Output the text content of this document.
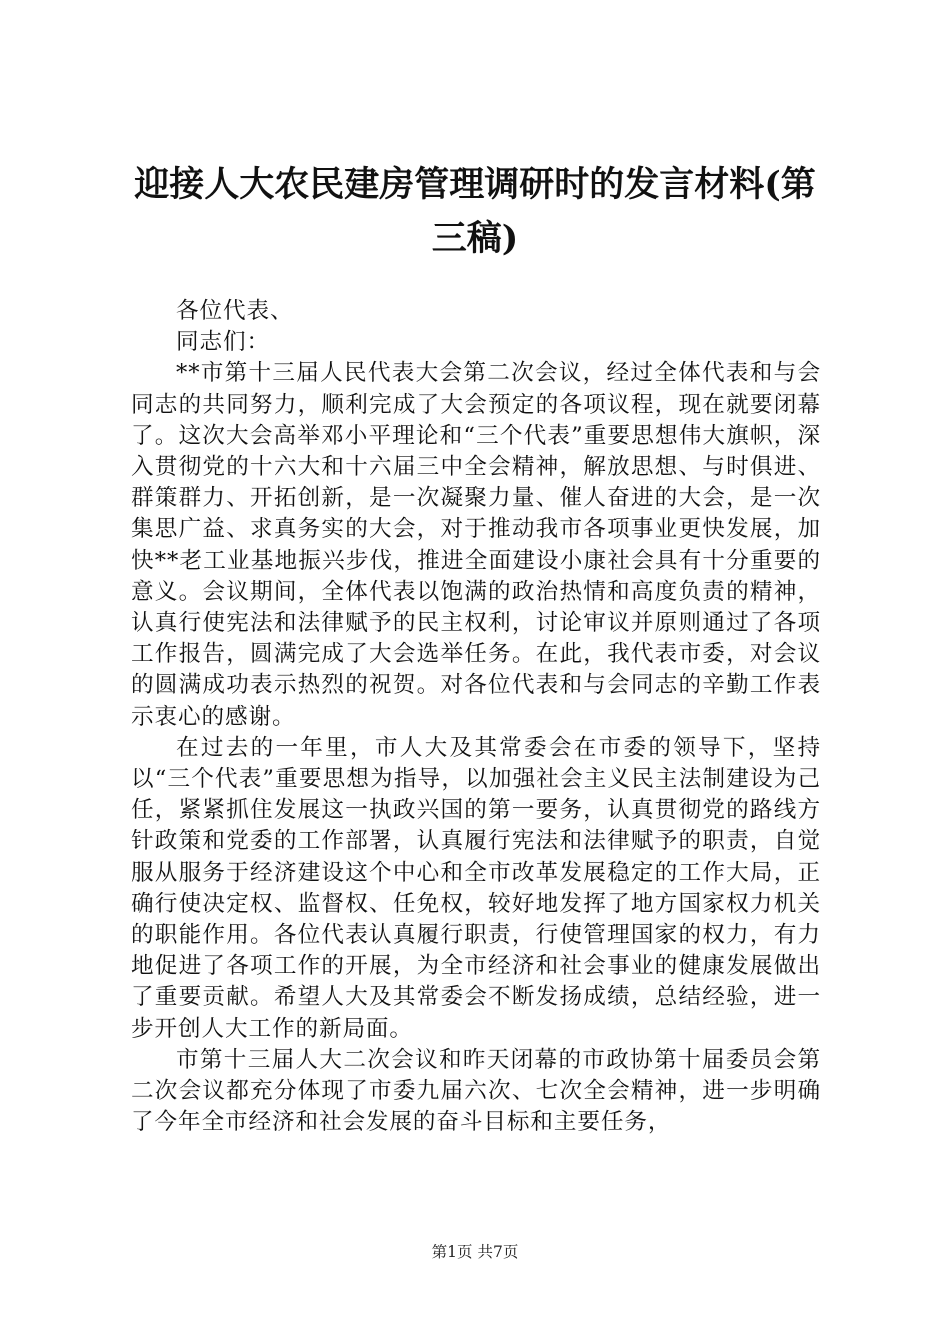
迎接人大农民建房管理调研时的发言材料(第三稿)

各位代表、

同志们：

**市第十三届人民代表大会第二次会议，经过全体代表和与会同志的共同努力，顺利完成了大会预定的各项议程，现在就要闭幕了。这次大会高举邓小平理论和“三个代表”重要思想伟大旗帜，深入贯彻党的十六大和十六届三中全会精神，解放思想、与时俱进、群策群力、开拓创新，是一次凝聚力量、催人奋进的大会，是一次集思广益、求真务实的大会，对于推动我市各项事业更快发展，加快**老工业基地振兴步伐，推进全面建设小康社会具有十分重要的意义。会议期间，全体代表以饱满的政治热情和高度负责的精神，认真行使宪法和法律赋予的民主权利，讨论审议并原则通过了各项工作报告，圆满完成了大会选举任务。在此，我代表市委，对会议的圆满成功表示热烈的祝贺。对各位代表和与会同志的辛勤工作表示衷心的感谢。

在过去的一年里，市人大及其常委会在市委的领导下，坚持以“三个代表”重要思想为指导，以加强社会主义民主法制建设为己任，紧紧抓住发展这一执政兴国的第一要务，认真贯彻党的路线方针政策和党委的工作部署，认真履行宪法和法律赋予的职责，自觉服从服务于经济建设这个中心和全市改革发展稳定的工作大局，正确行使决定权、监督权、任免权，较好地发挥了地方国家权力机关的职能作用。各位代表认真履行职责，行使管理国家的权力，有力地促进了各项工作的开展，为全市经济和社会事业的健康发展做出了重要贡献。希望人大及其常委会不断发扬成绩，总结经验，进一步开创人大工作的新局面。

市第十三届人大二次会议和昨天闭幕的市政协第十届委员会第二次会议都充分体现了市委九届六次、七次全会精神，进一步明确了今年全市经济和社会发展的奋斗目标和主要任务，

第1页 共7页
